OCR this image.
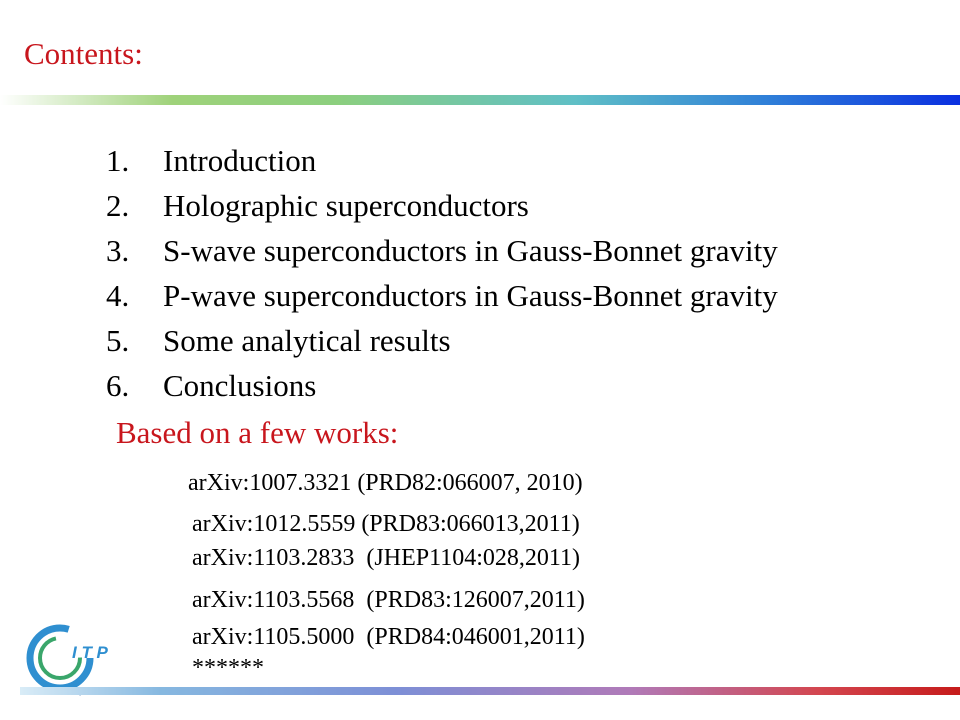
Contents:
1.	Introduction
2.	Holographic superconductors
3.	S-wave superconductors in Gauss-Bonnet gravity
4.	P-wave superconductors in Gauss-Bonnet gravity
5.	Some analytical results
6.	Conclusions
Based on a few works:
arXiv:1007.3321 (PRD82:066007, 2010)
arXiv:1012.5559 (PRD83:066013,2011)
arXiv:1103.2833  (JHEP1104:028,2011)
arXiv:1103.5568  (PRD83:126007,2011)
arXiv:1105.5000  (PRD84:046001,2011)
******
I T P
